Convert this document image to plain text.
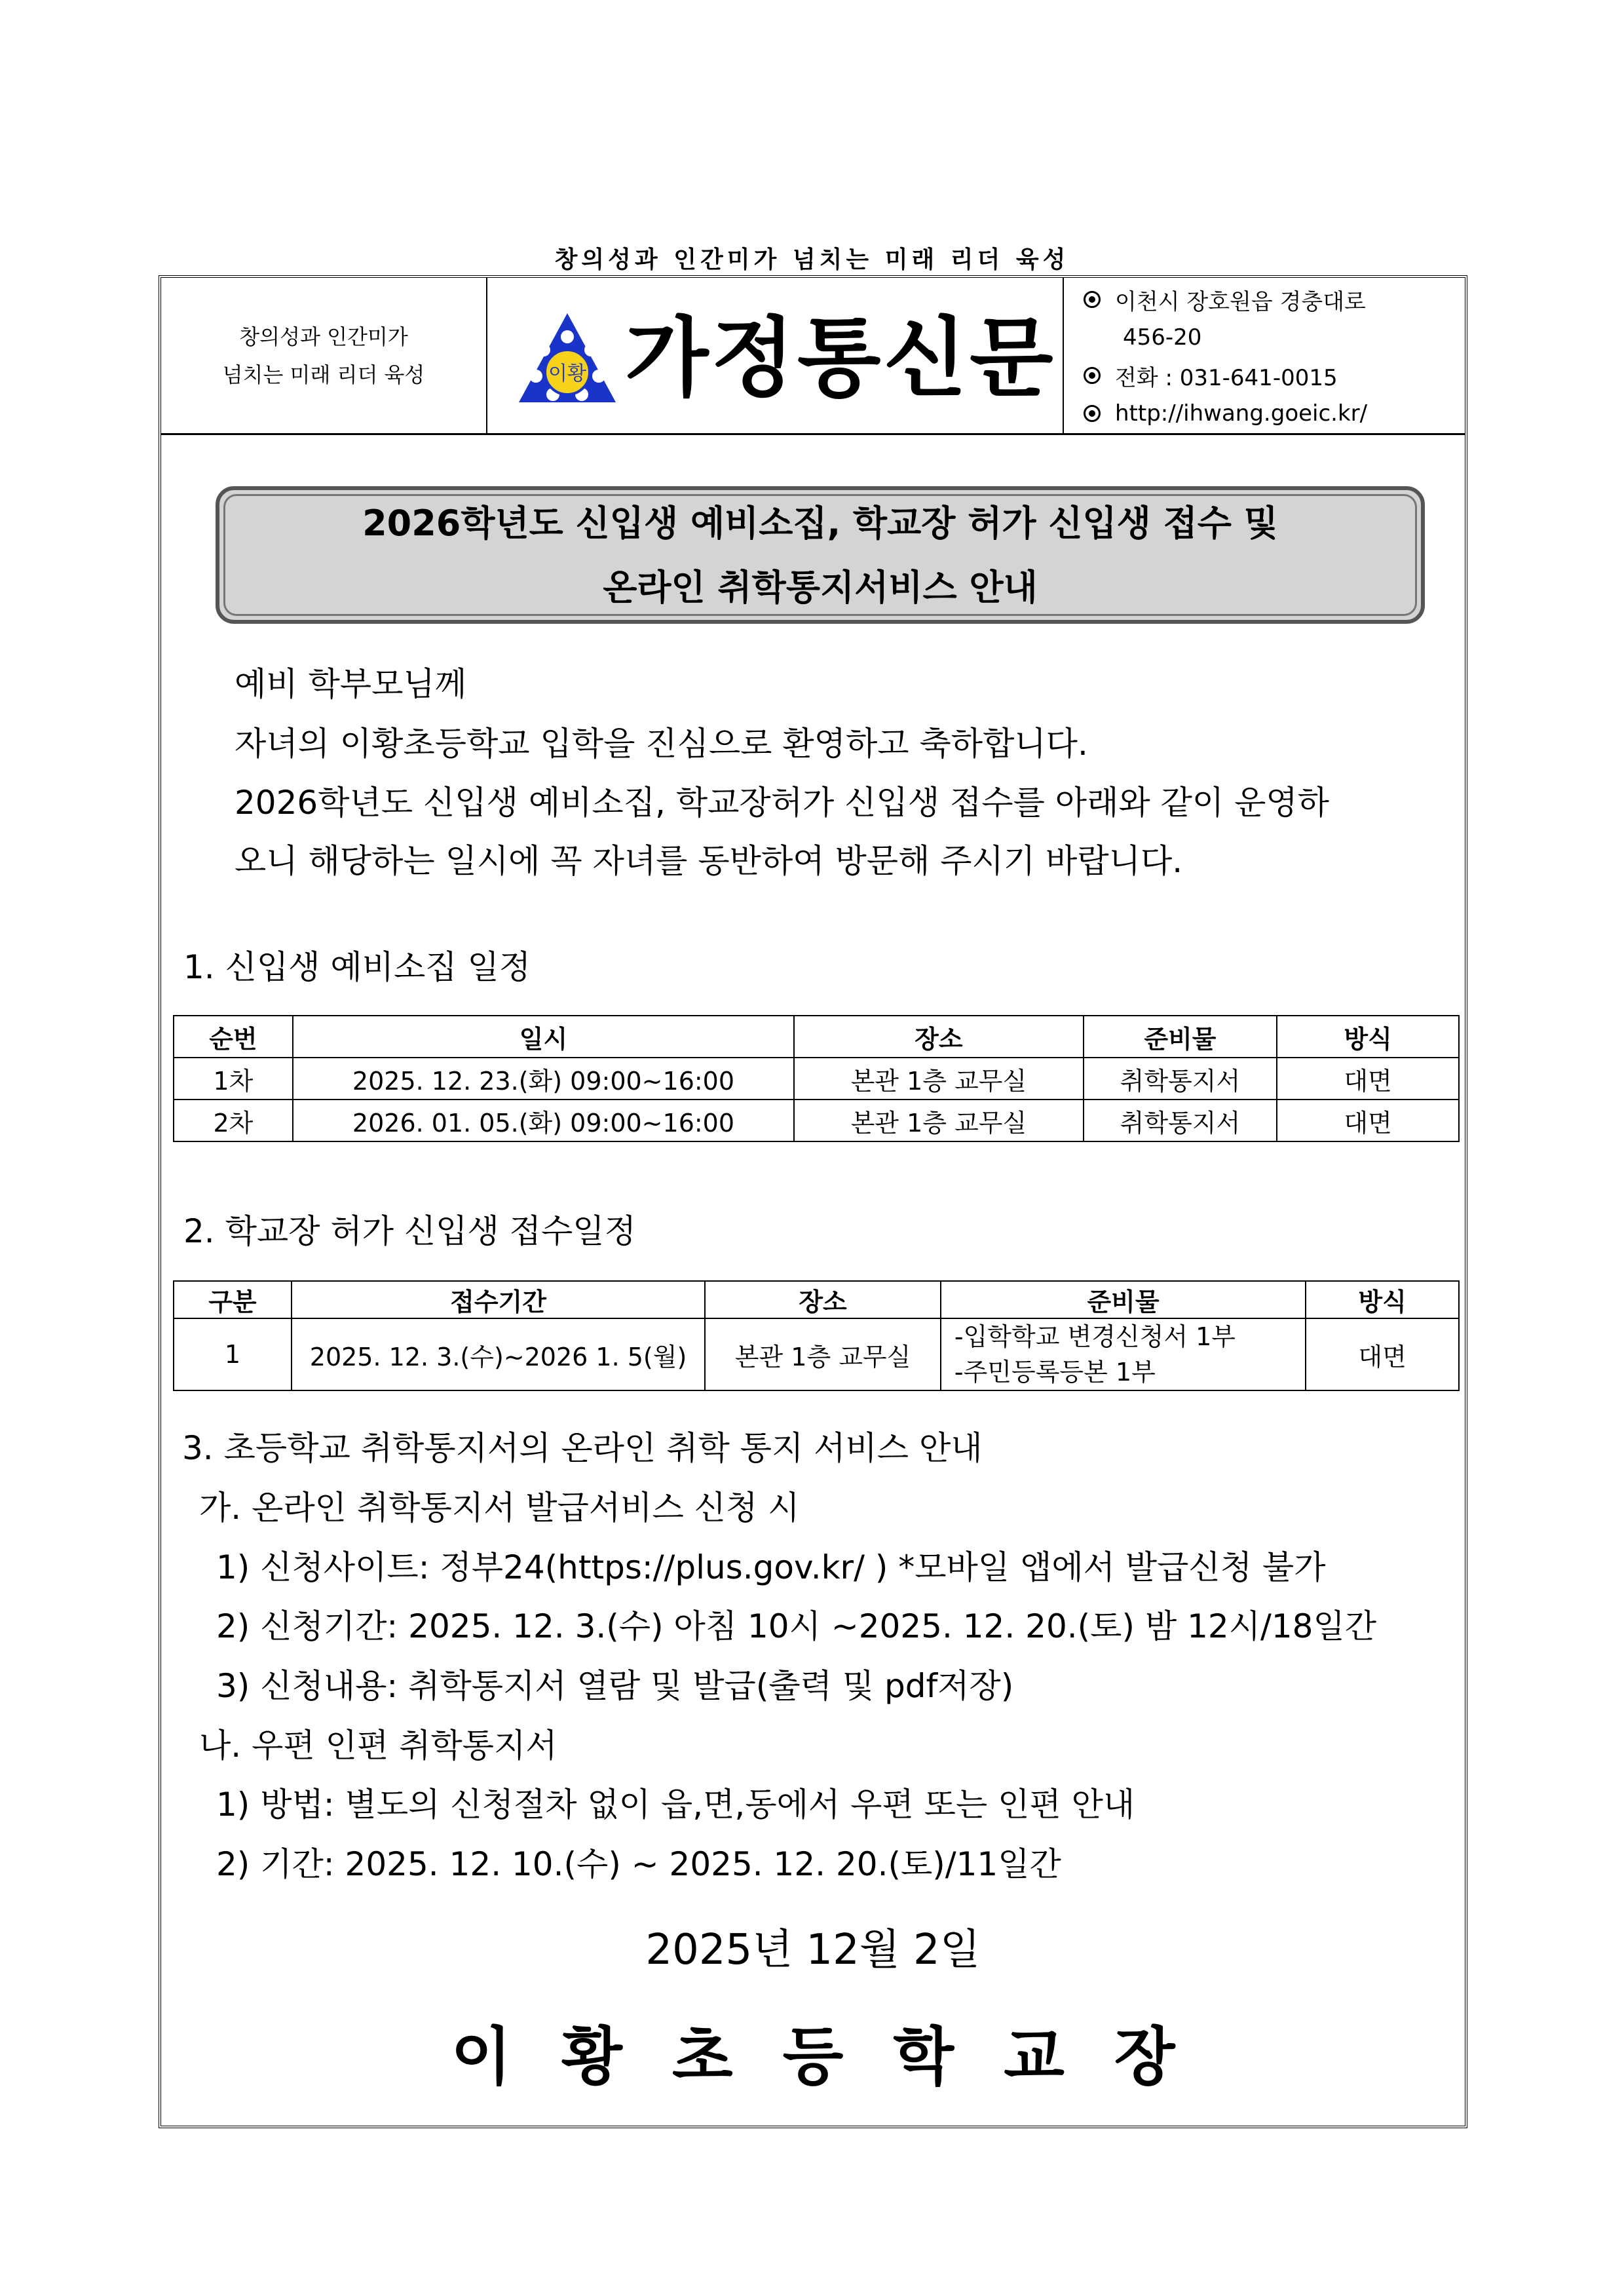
창의성과 인간미가 넘치는 미래 리더 육성
창의성과 인간미가
넘치는 미래 리더 육성	이황 가정통신문
이천시 장호원읍 경충대로
456-20
전화 : 031-641-0015
http://ihwang.goeic.kr/
2026학년도 신입생 예비소집, 학교장 허가 신입생 접수 및
온라인 취학통지서비스 안내
예비 학부모님께
자녀의 이황초등학교 입학을 진심으로 환영하고 축하합니다.
2026학년도 신입생 예비소집, 학교장허가 신입생 접수를 아래와 같이 운영하
오니 해당하는 일시에 꼭 자녀를 동반하여 방문해 주시기 바랍니다.
1. 신입생 예비소집 일정
순번	일시	장소	준비물	방식
1차	2025. 12. 23.(화) 09:00~16:00	본관 1층 교무실	취학통지서	대면
2차	2026. 01. 05.(화) 09:00~16:00	본관 1층 교무실	취학통지서	대면
2. 학교장 허가 신입생 접수일정
구분	접수기간	장소	준비물	방식
1	2025. 12. 3.(수)~2026 1. 5(월)	본관 1층 교무실	-입학학교 변경신청서 1부
-주민등록등본 1부	대면
3. 초등학교 취학통지서의 온라인 취학 통지 서비스 안내
가. 온라인 취학통지서 발급서비스 신청 시
1) 신청사이트: 정부24(https://plus.gov.kr/ ) *모바일 앱에서 발급신청 불가
2) 신청기간: 2025. 12. 3.(수) 아침 10시 ~2025. 12. 20.(토) 밤 12시/18일간
3) 신청내용: 취학통지서 열람 및 발급(출력 및 pdf저장)
나. 우편 인편 취학통지서
1) 방법: 별도의 신청절차 없이 읍,면,동에서 우편 또는 인편 안내
2) 기간: 2025. 12. 10.(수) ~ 2025. 12. 20.(토)/11일간
2025년 12월 2일
이 황 초 등 학 교 장
